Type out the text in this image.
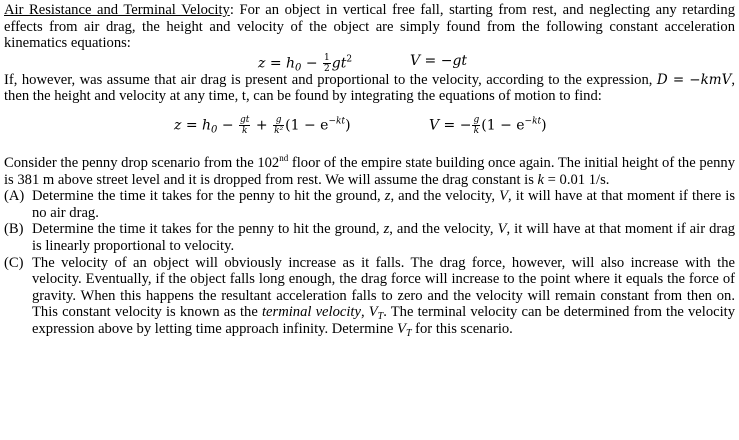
Air Resistance and Terminal Velocity: For an object in vertical free fall, starting from rest, and neglecting any retarding effects from air drag, the height and velocity of the object are simply found from the following constant acceleration kinematics equations:

$z = h_0 - \frac{1}{2} gt^2$	V = −gt

If, however, was assume that air drag is present and proportional to the velocity, according to the expression, D = −kmV, then the height and velocity at any time, t, can be found by integrating the equations of motion to find:

$z = h_0 - \frac{gt}{k} + \frac{g}{\text{k²}} (1 - e^{-kt})$	V = − $\frac{g}{k} (1 - e^{-kt})$

Consider the penny drop scenario from the 102nd floor of the empire state building once again. The initial height of the penny is 381 m above street level and it is dropped from rest. We will assume the drag constant is k = 0.01 1/s.

(A) Determine the time it takes for the penny to hit the ground, z, and the velocity, V, it will have at that moment if there is no air drag.
(B) Determine the time it takes for the penny to hit the ground, z, and the velocity, V, it will have at that moment if air drag is linearly proportional to velocity.
(C) The velocity of an object will obviously increase as it falls. The drag force, however, will also increase with the velocity. Eventually, if the object falls long enough, the drag force will increase to the point where it equals the force of gravity. When this happens the resultant acceleration falls to zero and the velocity will remain constant from then on. This constant velocity is known as the terminal velocity, $V_T$. The terminal velocity can be determined from the velocity expression above by letting time approach infinity. Determine $V_T$ for this scenario.
